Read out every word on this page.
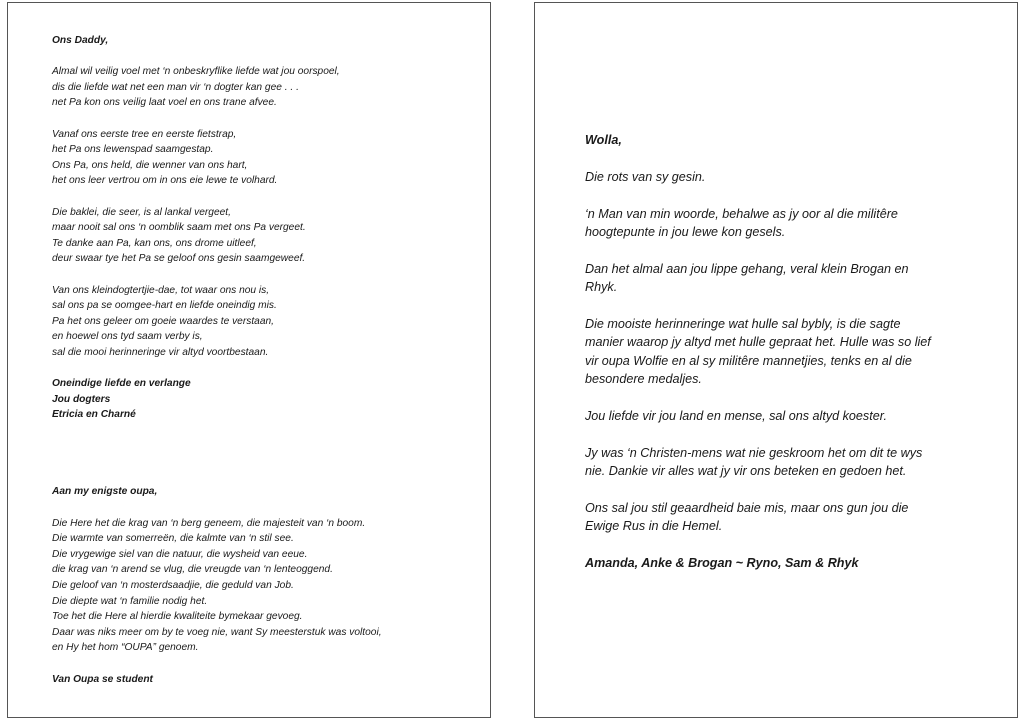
Ons Daddy,

Almal wil veilig voel met ‘n onbeskryflike liefde wat jou oorspoel,
dis die liefde wat net een man vir ‘n dogter kan gee . . .
net Pa kon ons veilig laat voel en ons trane afvee.

Vanaf ons eerste tree en eerste fietstrap,
het Pa ons lewenspad saamgestap.
Ons Pa, ons held, die wenner van ons hart,
het ons leer vertrou om in ons eie lewe te volhard.

Die baklei, die seer, is al lankal vergeet,
maar nooit sal ons ‘n oomblik saam met ons Pa vergeet.
Te danke aan Pa, kan ons, ons drome uitleef,
deur swaar tye het Pa se geloof ons gesin saamgeweef.

Van ons kleindogtertjie-dae, tot waar ons nou is,
sal ons pa se oomgee-hart en liefde oneindig mis.
Pa het ons geleer om goeie waardes te verstaan,
en hoewel ons tyd saam verby is,
sal die mooi herinneringe vir altyd voortbestaan.

Oneindige liefde en verlange
Jou dogters
Etricia en Charné

Aan my enigste oupa,

Die Here het die krag van ‘n berg geneem, die majesteit van ‘n boom.
Die warmte van somerreën, die kalmte van ‘n stil see.
Die vrygewige siel van die natuur, die wysheid van eeue.
die krag van ‘n arend se vlug, die vreugde van ‘n lenteoggend.
Die geloof van ‘n mosterdsaadjie, die geduld van Job.
Die diepte wat ‘n familie nodig het.
Toe het die Here al hierdie kwaliteite bymekaar gevoeg.
Daar was niks meer om by te voeg nie, want Sy meesterstuk was voltooi,
en Hy het hom “OUPA” genoem.

Van Oupa se student

Wolla,

Die rots van sy gesin.

‘n Man van min woorde, behalwe as jy oor al die militêre
hoogtepunte in jou lewe kon gesels.

Dan het almal aan jou lippe gehang, veral klein Brogan en
Rhyk.

Die mooiste herinneringe wat hulle sal bybly, is die sagte
manier waarop jy altyd met hulle gepraat het. Hulle was so lief
vir oupa Wolfie en al sy militêre mannetjies, tenks en al die
besondere medaljes.

Jou liefde vir jou land en mense, sal ons altyd koester.

Jy was ‘n Christen-mens wat nie geskroom het om dit te wys
nie. Dankie vir alles wat jy vir ons beteken en gedoen het.

Ons sal jou stil geaardheid baie mis, maar ons gun jou die
Ewige Rus in die Hemel.

Amanda, Anke & Brogan ~ Ryno, Sam & Rhyk
